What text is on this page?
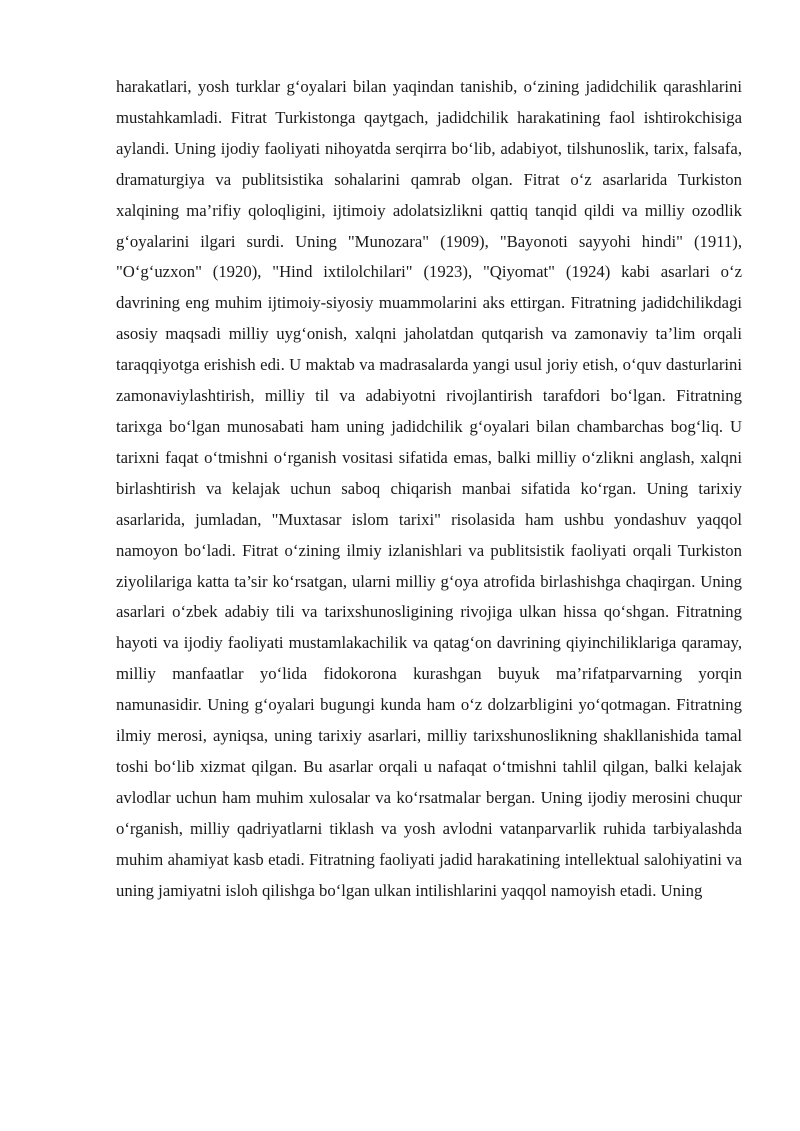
harakatlari, yosh turklar g‘oyalari bilan yaqindan tanishib, o‘zining jadidchilik qarashlarini mustahkamladi. Fitrat Turkistonga qaytgach, jadidchilik harakatining faol ishtirokchisiga aylandi. Uning ijodiy faoliyati nihoyatda serqirra bo‘lib, adabiyot, tilshunoslik, tarix, falsafa, dramaturgiya va publitsistika sohalarini qamrab olgan. Fitrat o‘z asarlarida Turkiston xalqining ma’rifiy qoloqligini, ijtimoiy adolatsizlikni qattiq tanqid qildi va milliy ozodlik g‘oyalarini ilgari surdi. Uning "Munozara" (1909), "Bayonoti sayyohi hindi" (1911), "O‘g‘uzxon" (1920), "Hind ixtilolchilari" (1923), "Qiyomat" (1924) kabi asarlari o‘z davrining eng muhim ijtimoiy-siyosiy muammolarini aks ettirgan. Fitratning jadidchilikdagi asosiy maqsadi milliy uyg‘onish, xalqni jaholatdan qutqarish va zamonaviy ta’lim orqali taraqqiyotga erishish edi. U maktab va madrasalarda yangi usul joriy etish, o‘quv dasturlarini zamonaviylashtirish, milliy til va adabiyotni rivojlantirish tarafdori bo‘lgan. Fitratning tarixga bo‘lgan munosabati ham uning jadidchilik g‘oyalari bilan chambarchas bog‘liq. U tarixni faqat o‘tmishni o‘rganish vositasi sifatida emas, balki milliy o‘zlikni anglash, xalqni birlashtirish va kelajak uchun saboq chiqarish manbai sifatida ko‘rgan. Uning tarixiy asarlarida, jumladan, "Muxtasar islom tarixi" risolasida ham ushbu yondashuv yaqqol namoyon bo‘ladi. Fitrat o‘zining ilmiy izlanishlari va publitsistik faoliyati orqali Turkiston ziyolilariga katta ta’sir ko‘rsatgan, ularni milliy g‘oya atrofida birlashishga chaqirgan. Uning asarlari o‘zbek adabiy tili va tarixshunosligining rivojiga ulkan hissa qo‘shgan. Fitratning hayoti va ijodiy faoliyati mustamlakachilik va qatag‘on davrining qiyinchiliklariga qaramay, milliy manfaatlar yo‘lida fidokorona kurashgan buyuk ma’rifatparvarning yorqin namunasidir. Uning g‘oyalari bugungi kunda ham o‘z dolzarbligini yo‘qotmagan. Fitratning ilmiy merosi, ayniqsa, uning tarixiy asarlari, milliy tarixshunoslikning shakllanishida tamal toshi bo‘lib xizmat qilgan. Bu asarlar orqali u nafaqat o‘tmishni tahlil qilgan, balki kelajak avlodlar uchun ham muhim xulosalar va ko‘rsatmalar bergan. Uning ijodiy merosini chuqur o‘rganish, milliy qadriyatlarni tiklash va yosh avlodni vatanparvarlik ruhida tarbiyalashda muhim ahamiyat kasb etadi. Fitratning faoliyati jadid harakatining intellektual salohiyatini va uning jamiyatni isloh qilishga bo‘lgan ulkan intilishlarini yaqqol namoyish etadi. Uning
